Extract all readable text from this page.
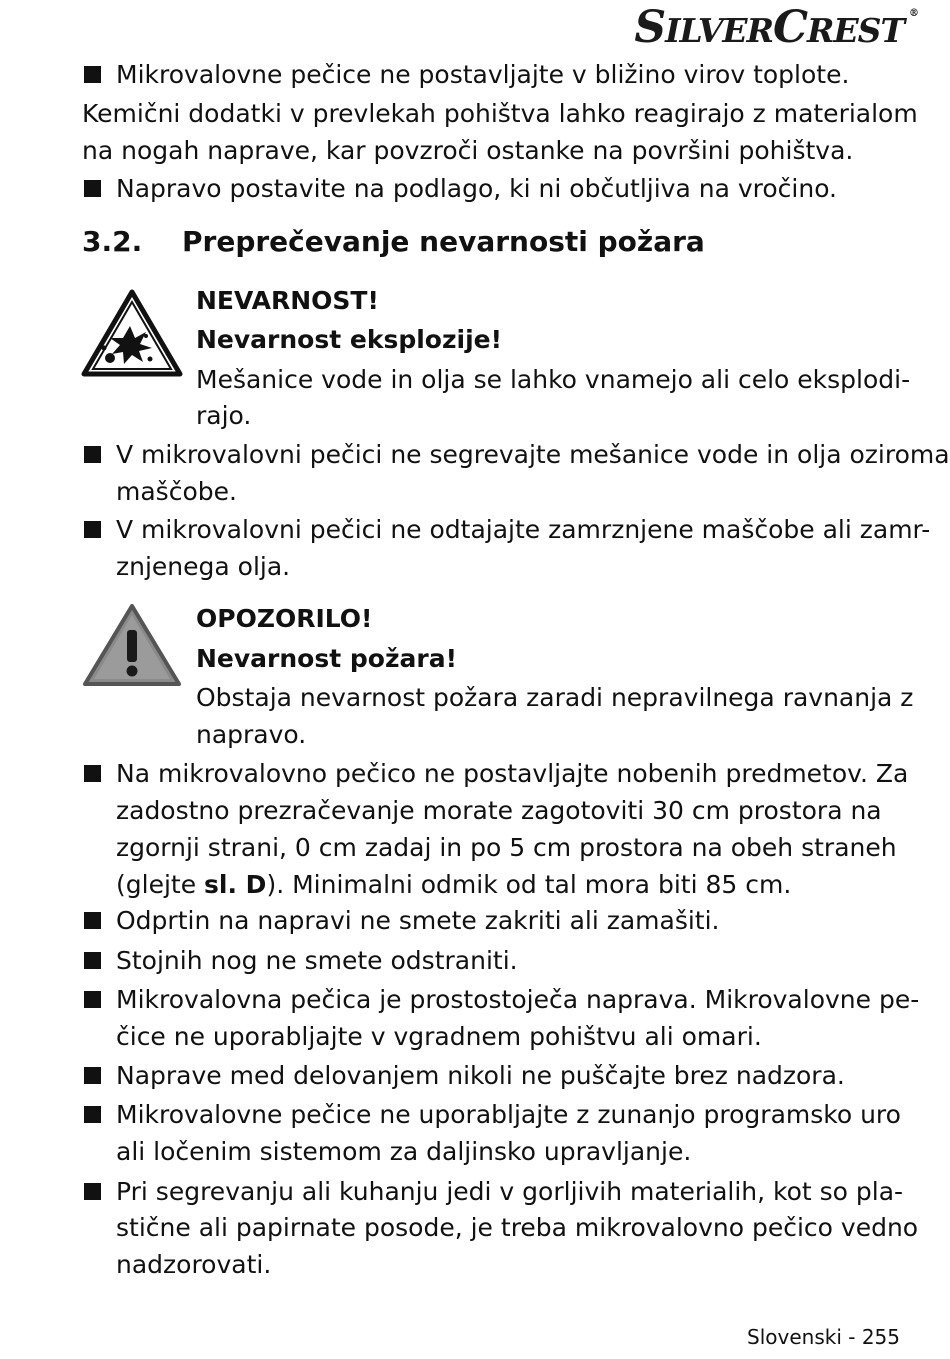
SILVERCREST ®
Mikrovalovne pečice ne postavljajte v bližino virov toplote.
Kemični dodatki v prevlekah pohištva lahko reagirajo z materialom
na nogah naprave, kar povzroči ostanke na površini pohištva.
Napravo postavite na podlago, ki ni občutljiva na vročino.
3.2. Preprečevanje nevarnosti požara
NEVARNOST!
Nevarnost eksplozije!
Mešanice vode in olja se lahko vnamejo ali celo eksplodi-
rajo.
V mikrovalovni pečici ne segrevajte mešanice vode in olja oziroma
maščobe.
V mikrovalovni pečici ne odtajajte zamrznjene maščobe ali zamr-
znjenega olja.
OPOZORILO!
Nevarnost požara!
Obstaja nevarnost požara zaradi nepravilnega ravnanja z
napravo.
Na mikrovalovno pečico ne postavljajte nobenih predmetov. Za
zadostno prezračevanje morate zagotoviti 30 cm prostora na
zgornji strani, 0 cm zadaj in po 5 cm prostora na obeh straneh
(glejte sl. D). Minimalni odmik od tal mora biti 85 cm.
Odprtin na napravi ne smete zakriti ali zamašiti.
Stojnih nog ne smete odstraniti.
Mikrovalovna pečica je prostostoječa naprava. Mikrovalovne pe-
čice ne uporabljajte v vgradnem pohištvu ali omari.
Naprave med delovanjem nikoli ne puščajte brez nadzora.
Mikrovalovne pečice ne uporabljajte z zunanjo programsko uro
ali ločenim sistemom za daljinsko upravljanje.
Pri segrevanju ali kuhanju jedi v gorljivih materialih, kot so pla-
stične ali papirnate posode, je treba mikrovalovno pečico vedno
nadzorovati.
Slovenski - 255
